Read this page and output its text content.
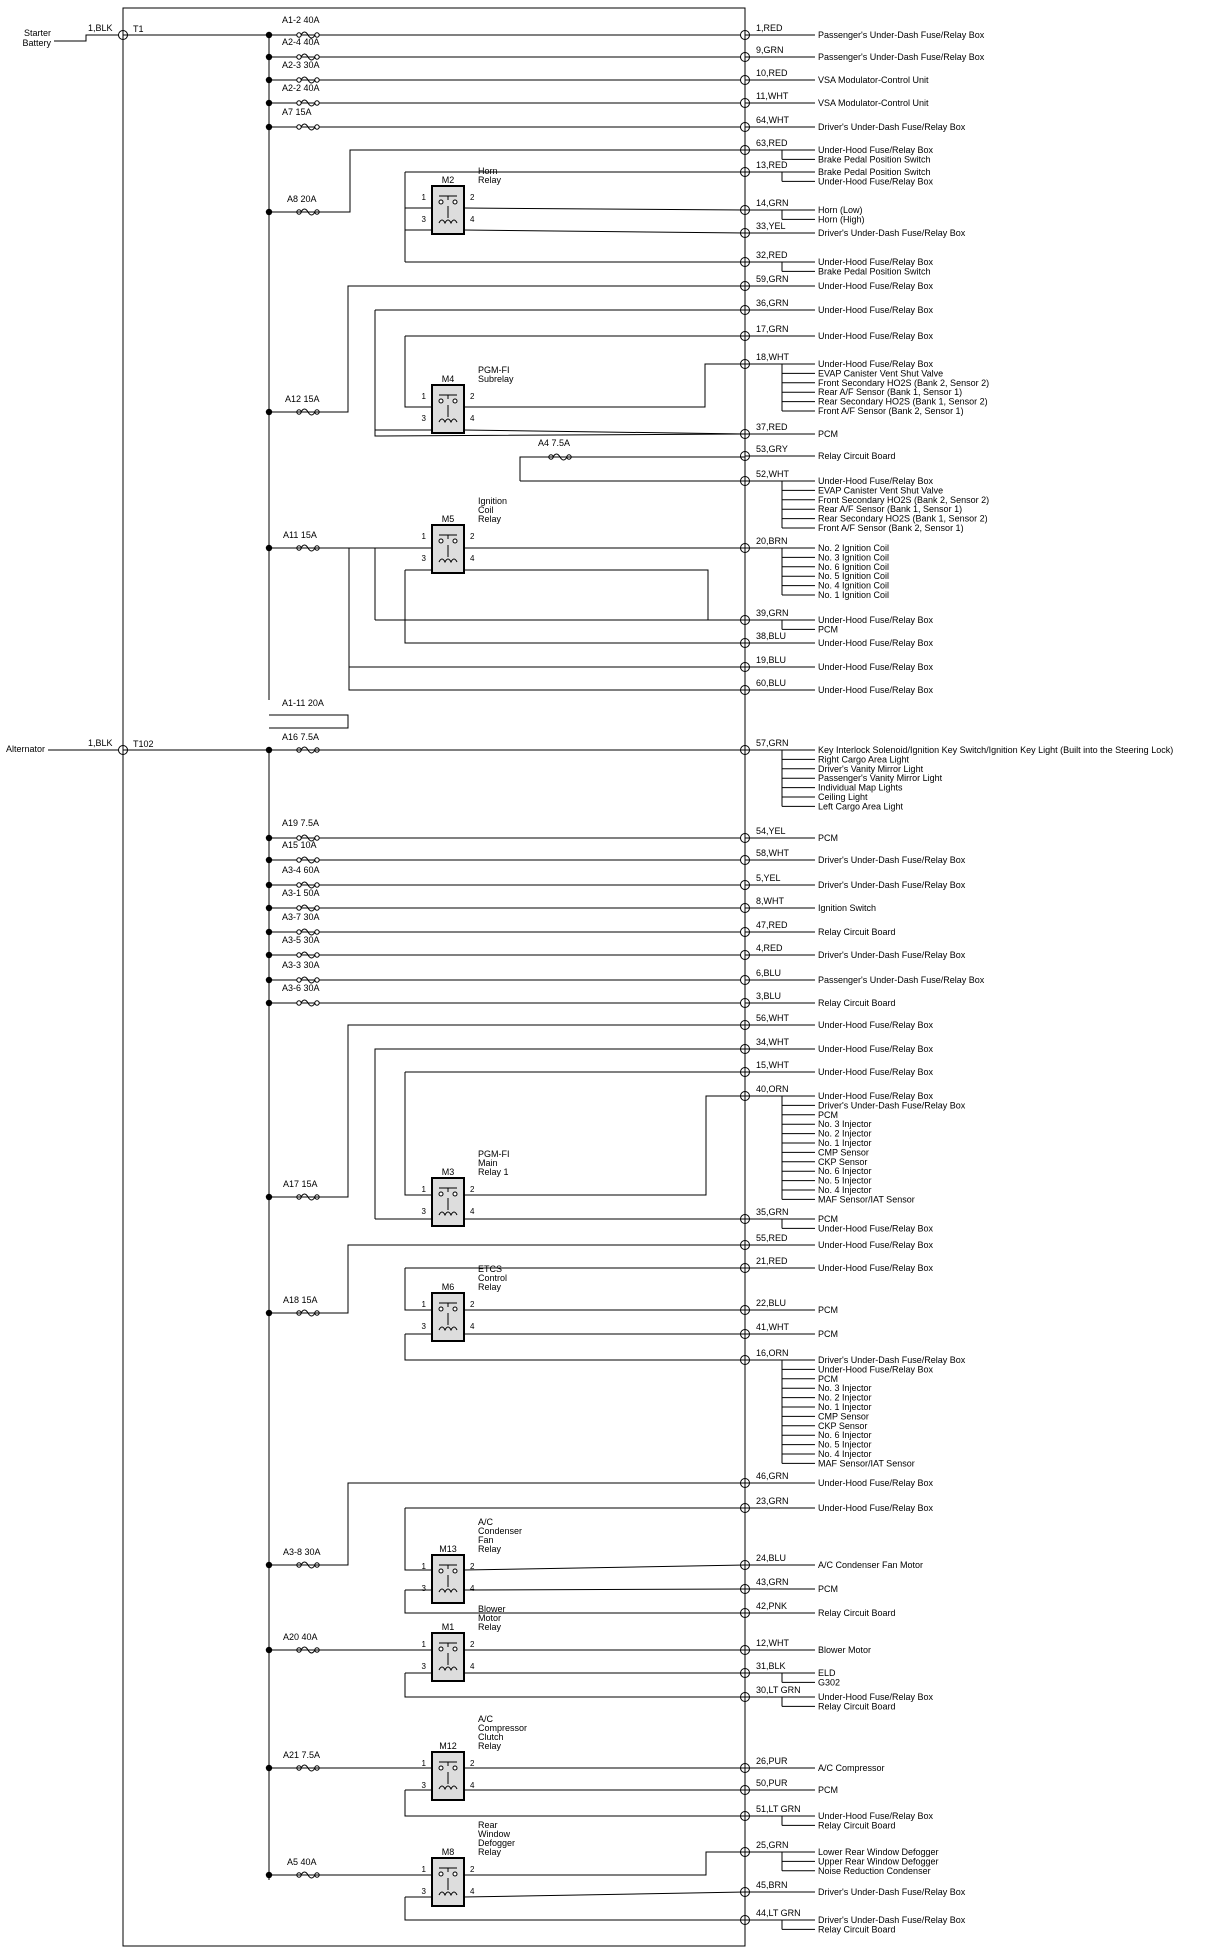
Starter
Battery
1,BLK T1
Alternator
1,BLK T102
A1-2 40A
A2-4 40A
A2-3 30A
A2-2 40A
A7 15A
A19 7.5A
A15 10A
A3-4 60A
A3-1 50A
A3-7 30A
A3-5 30A
A3-3 30A
A3-6 30A
1,RED
Passenger's Under-Dash Fuse/Relay Box
9,GRN
Passenger's Under-Dash Fuse/Relay Box
10,RED
VSA Modulator-Control Unit
11,WHT
VSA Modulator-Control Unit
64,WHT
Driver's Under-Dash Fuse/Relay Box
63,RED
Under-Hood Fuse/Relay Box
Brake Pedal Position Switch
13,RED
Brake Pedal Position Switch
Under-Hood Fuse/Relay Box
14,GRN
Horn (Low)
Horn (High)
33,YEL
Driver's Under-Dash Fuse/Relay Box
32,RED
Under-Hood Fuse/Relay Box
Brake Pedal Position Switch
59,GRN
Under-Hood Fuse/Relay Box
36,GRN
Under-Hood Fuse/Relay Box
17,GRN
Under-Hood Fuse/Relay Box
18,WHT
Under-Hood Fuse/Relay Box
EVAP Canister Vent Shut Valve
Front Secondary HO2S (Bank 2, Sensor 2)
Rear A/F Sensor (Bank 1, Sensor 1)
Rear Secondary HO2S (Bank 1, Sensor 2)
Front A/F Sensor (Bank 2, Sensor 1)
37,RED
PCM
53,GRY
Relay Circuit Board
52,WHT
Under-Hood Fuse/Relay Box
EVAP Canister Vent Shut Valve
Front Secondary HO2S (Bank 2, Sensor 2)
Rear A/F Sensor (Bank 1, Sensor 1)
Rear Secondary HO2S (Bank 1, Sensor 2)
Front A/F Sensor (Bank 2, Sensor 1)
20,BRN
No. 2 Ignition Coil
No. 3 Ignition Coil
No. 6 Ignition Coil
No. 5 Ignition Coil
No. 4 Ignition Coil
No. 1 Ignition Coil
39,GRN
Under-Hood Fuse/Relay Box
PCM
38,BLU
Under-Hood Fuse/Relay Box
19,BLU
Under-Hood Fuse/Relay Box
60,BLU
Under-Hood Fuse/Relay Box
57,GRN
Key Interlock Solenoid/Ignition Key Switch/Ignition Key Light (Built into the Steering Lock)
Right Cargo Area Light
Driver's Vanity Mirror Light
Passenger's Vanity Mirror Light
Individual Map Lights
Ceiling Light
Left Cargo Area Light
54,YEL
PCM
58,WHT
Driver's Under-Dash Fuse/Relay Box
5,YEL
Driver's Under-Dash Fuse/Relay Box
8,WHT
Ignition Switch
47,RED
Relay Circuit Board
4,RED
Driver's Under-Dash Fuse/Relay Box
6,BLU
Passenger's Under-Dash Fuse/Relay Box
3,BLU
Relay Circuit Board
56,WHT
Under-Hood Fuse/Relay Box
34,WHT
Under-Hood Fuse/Relay Box
15,WHT
Under-Hood Fuse/Relay Box
40,ORN
Under-Hood Fuse/Relay Box
Driver's Under-Dash Fuse/Relay Box
PCM
No. 3 Injector
No. 2 Injector
No. 1 Injector
CMP Sensor
CKP Sensor
No. 6 Injector
No. 5 Injector
No. 4 Injector
MAF Sensor/IAT Sensor
35,GRN
PCM
Under-Hood Fuse/Relay Box
55,RED
Under-Hood Fuse/Relay Box
21,RED
Under-Hood Fuse/Relay Box
22,BLU
PCM
41,WHT
PCM
16,ORN
Driver's Under-Dash Fuse/Relay Box
Under-Hood Fuse/Relay Box
PCM
No. 3 Injector
No. 2 Injector
No. 1 Injector
CMP Sensor
CKP Sensor
No. 6 Injector
No. 5 Injector
No. 4 Injector
MAF Sensor/IAT Sensor
46,GRN
Under-Hood Fuse/Relay Box
23,GRN
Under-Hood Fuse/Relay Box
24,BLU
A/C Condenser Fan Motor
43,GRN
PCM
42,PNK
Relay Circuit Board
12,WHT
Blower Motor
31,BLK
ELD
G302
30,LT GRN
Under-Hood Fuse/Relay Box
Relay Circuit Board
26,PUR
A/C Compressor
50,PUR
PCM
51,LT GRN
Under-Hood Fuse/Relay Box
Relay Circuit Board
25,GRN
Lower Rear Window Defogger
Upper Rear Window Defogger
Noise Reduction Condenser
45,BRN
Driver's Under-Dash Fuse/Relay Box
44,LT GRN
Driver's Under-Dash Fuse/Relay Box
Relay Circuit Board
A8 20A
M2
Horn
Relay
1	2
3	4
A12 15A
M4
PGM-FI
Subrelay
1	2
3	4
A4 7.5A
A11 15A
M5
Ignition
Coil
Relay
1	2
3	4
A1-11 20A
A16 7.5A
A17 15A
M3
PGM-FI
Main
Relay 1
1	2
3	4
A18 15A
M6
ETCS
Control
Relay
1	2
3	4
A3-8 30A	M13
A/C
Condenser
Fan
Relay
1	2
3	4
A20 40A
M1
Blower
Motor
Relay
1	2
3	4
A21 7.5A
M12
A/C
Compressor
Clutch
Relay
1	2
3	4
A5 40A
M8
Rear
Window
Defogger
Relay
1	2
3	4
